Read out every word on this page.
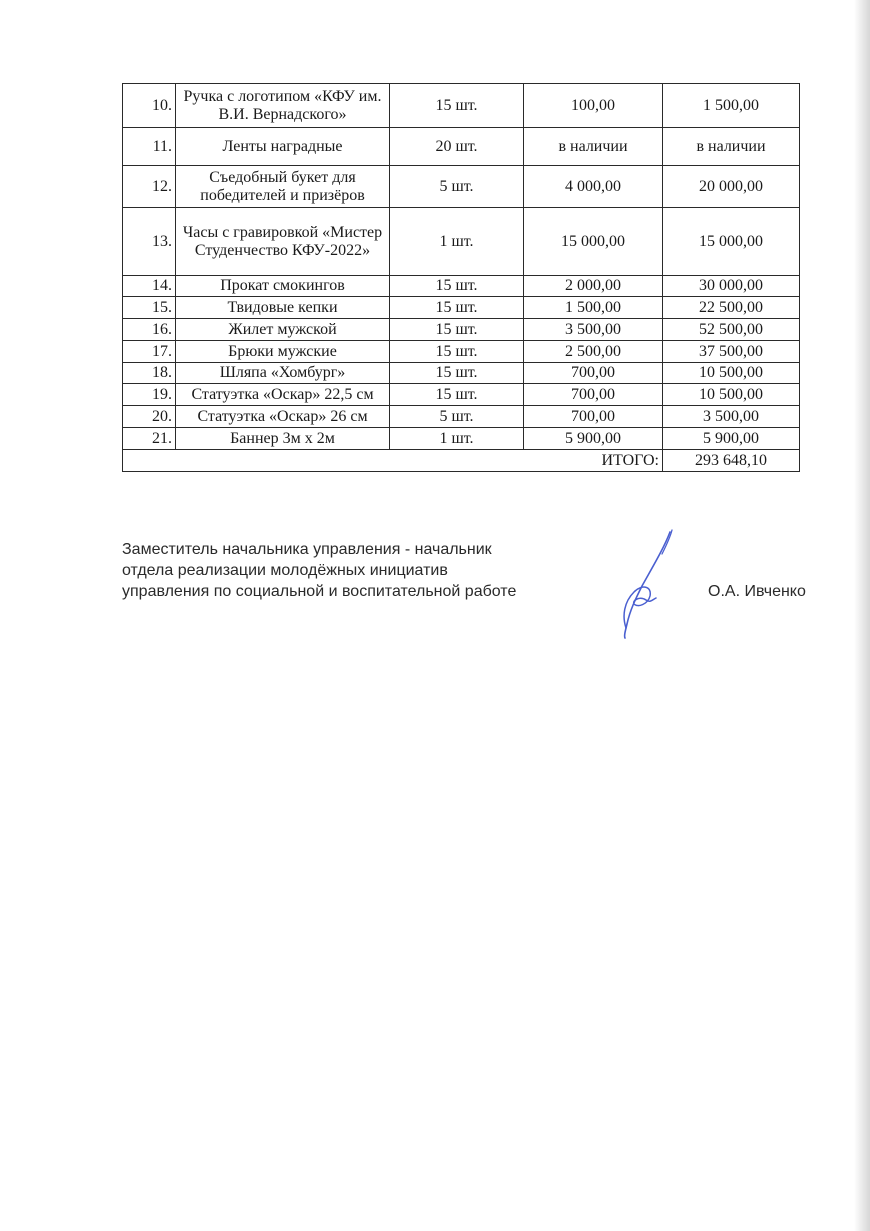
10.	Ручка с логотипом «КФУ им. В.И. Вернадского»	15 шт.	100,00	1 500,00
11.	Ленты наградные	20 шт.	в наличии	в наличии
12.	Съедобный букет для победителей и призёров	5 шт.	4 000,00	20 000,00
13.	Часы с гравировкой «Мистер Студенчество КФУ-2022»	1 шт.	15 000,00	15 000,00
14.	Прокат смокингов	15 шт.	2 000,00	30 000,00
15.	Твидовые кепки	15 шт.	1 500,00	22 500,00
16.	Жилет мужской	15 шт.	3 500,00	52 500,00
17.	Брюки мужские	15 шт.	2 500,00	37 500,00
18.	Шляпа «Хомбург»	15 шт.	700,00	10 500,00
19.	Статуэтка «Оскар» 22,5 см	15 шт.	700,00	10 500,00
20.	Статуэтка «Оскар» 26 см	5 шт.	700,00	3 500,00
21.	Баннер 3м х 2м	1 шт.	5 900,00	5 900,00
ИТОГО:				293 648,10
Заместитель начальника управления - начальник
отдела реализации молодёжных инициатив
управления по социальной и воспитательной работе	О.А. Ивченко
